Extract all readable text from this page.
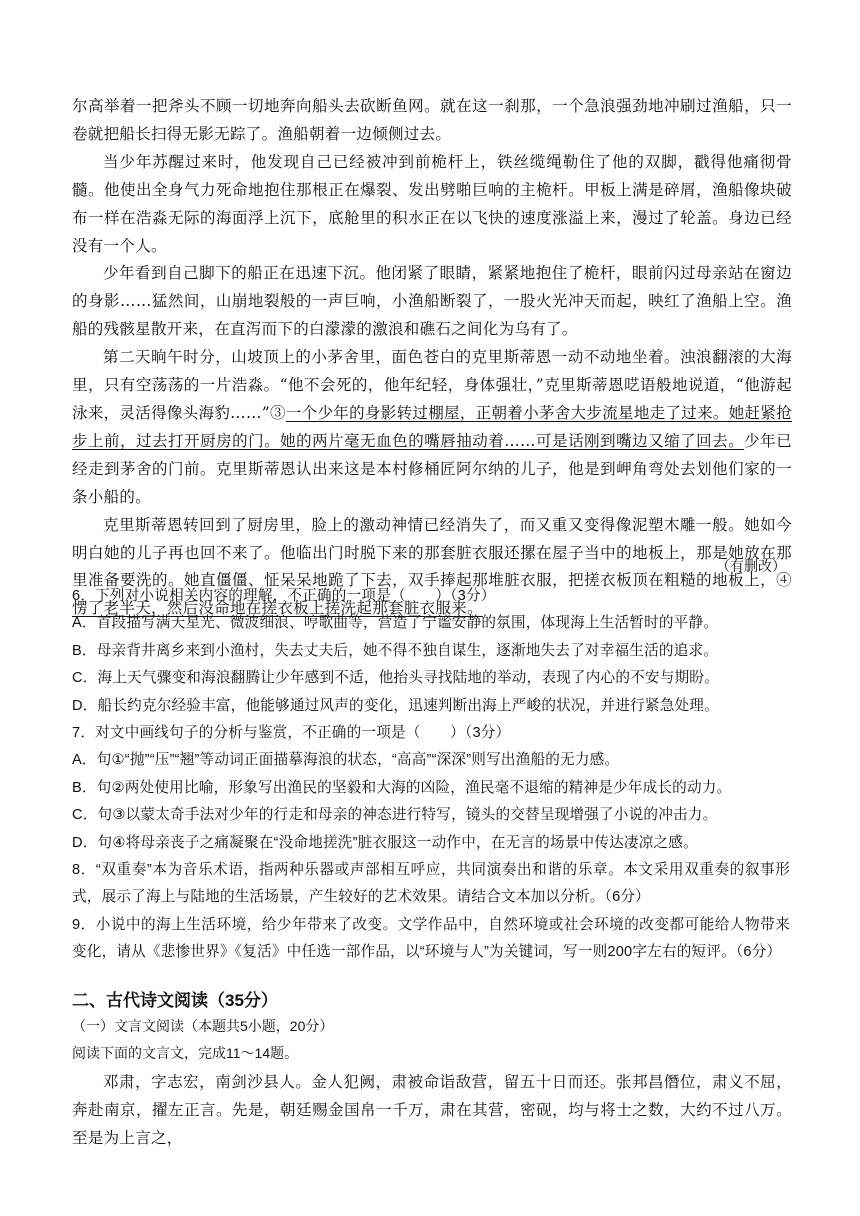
尔高举着一把斧头不顾一切地奔向船头去砍断鱼网。就在这一刹那，一个急浪强劲地冲刷过渔船，只一卷就把船长扫得无影无踪了。渔船朝着一边倾侧过去。

当少年苏醒过来时，他发现自己已经被冲到前桅杆上，铁丝缆绳勒住了他的双脚，戳得他痛彻骨髓。他使出全身气力死命地抱住那根正在爆裂、发出劈啪巨响的主桅杆。甲板上满是碎屑，渔船像块破布一样在浩淼无际的海面浮上沉下，底舱里的积水正在以飞快的速度涨溢上来，漫过了轮盖。身边已经没有一个人。

少年看到自己脚下的船正在迅速下沉。他闭紧了眼睛，紧紧地抱住了桅杆，眼前闪过母亲站在窗边的身影……猛然间，山崩地裂般的一声巨响，小渔船断裂了，一股火光冲天而起，映红了渔船上空。渔船的残骸星散开来，在直泻而下的白濛濛的激浪和礁石之间化为乌有了。

第二天晌午时分，山坡顶上的小茅舍里，面色苍白的克里斯蒂恩一动不动地坐着。浊浪翻滚的大海里，只有空荡荡的一片浩淼。“他不会死的，他年纪轻，身体强壮，”克里斯蒂恩呓语般地说道，“他游起泳来，灵活得像头海豹……”③一个少年的身影转过棚屋，正朝着小茅舍大步流星地走了过来。她赶紧抢步上前，过去打开厨房的门。她的两片毫无血色的嘴唇抽动着……可是话刚到嘴边又缩了回去。少年已经走到茅舍的门前。克里斯蒂恩认出来这是本村修桶匠阿尔纳的儿子，他是到岬角弯处去划他们家的一条小船的。

克里斯蒂恩转回到了厨房里，脸上的激动神情已经消失了，而又重又变得像泥塑木雕一般。她如今明白她的儿子再也回不来了。他临出门时脱下来的那套脏衣服还摞在屋子当中的地板上，那是她放在那里准备要洗的。她直僵僵、怔呆呆地跪了下去，双手捧起那堆脏衣服，把搓衣板顶在粗糙的地板上，④愣了老半天，然后没命地在搓衣板上搓洗起那套脏衣服来。

（有删改）

6．下列对小说相关内容的理解，不正确的一项是（　　）（3分）

A．首段描写满天星光、微波细浪、哼歌曲等，营造了宁谧安静的氛围，体现海上生活暂时的平静。

B．母亲背井离乡来到小渔村，失去丈夫后，她不得不独自谋生，逐渐地失去了对幸福生活的追求。

C．海上天气骤变和海浪翻腾让少年感到不适，他抬头寻找陆地的举动，表现了内心的不安与期盼。

D．船长约克尔经验丰富，他能够通过风声的变化，迅速判断出海上严峻的状况，并进行紧急处理。

7．对文中画线句子的分析与鉴赏，不正确的一项是（　　）（3分）

A．句①“抛”“压”“翘”等动词正面描摹海浪的状态，“高高”“深深”则写出渔船的无力感。

B．句②两处使用比喻，形象写出渔民的坚毅和大海的凶险，渔民毫不退缩的精神是少年成长的动力。

C．句③以蒙太奇手法对少年的行走和母亲的神态进行特写，镜头的交替呈现增强了小说的冲击力。

D．句④将母亲丧子之痛凝聚在“没命地搓洗”脏衣服这一动作中，在无言的场景中传达凄凉之感。

8．“双重奏”本为音乐术语，指两种乐器或声部相互呼应，共同演奏出和谐的乐章。本文采用双重奏的叙事形式，展示了海上与陆地的生活场景，产生较好的艺术效果。请结合文本加以分析。（6分）

9．小说中的海上生活环境，给少年带来了改变。文学作品中，自然环境或社会环境的改变都可能给人物带来变化，请从《悲惨世界》《复活》中任选一部作品，以“环境与人”为关键词，写一则200字左右的短评。（6分）

二、古代诗文阅读（35分）

（一）文言文阅读（本题共5小题，20分）

阅读下面的文言文，完成11～14题。

邓肃，字志宏，南剑沙县人。金人犯阙，肃被命诣敌营，留五十日而还。张邦昌僭位，肃义不屈，奔赴南京，擢左正言。先是，朝廷赐金国帛一千万，肃在其营，密砚，均与将士之数，大约不过八万。至是为上言之，
